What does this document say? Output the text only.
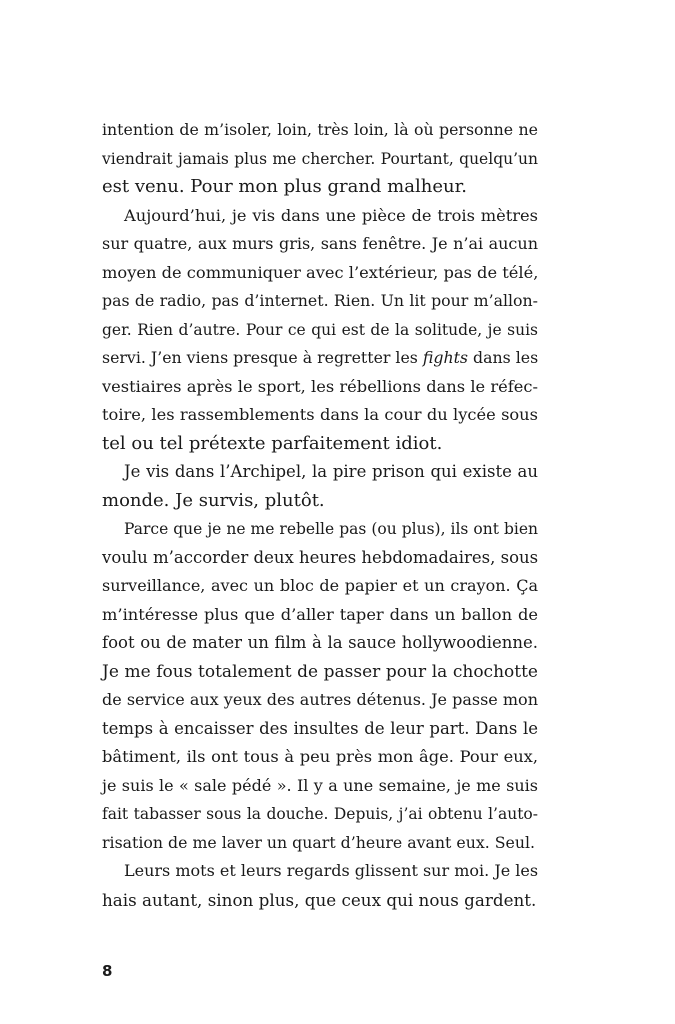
intention de m’isoler, loin, très loin, là où personne ne
viendrait jamais plus me chercher. Pourtant, quelqu’un
est venu. Pour mon plus grand malheur.
Aujourd’hui, je vis dans une pièce de trois mètres
sur quatre, aux murs gris, sans fenêtre. Je n’ai aucun
moyen de communiquer avec l’extérieur, pas de télé,
pas de radio, pas d’internet. Rien. Un lit pour m’allon-
ger. Rien d’autre. Pour ce qui est de la solitude, je suis
servi. J’en viens presque à regretter les fights dans les
vestiaires après le sport, les rébellions dans le réfec-
toire, les rassemblements dans la cour du lycée sous
tel ou tel prétexte parfaitement idiot.
Je vis dans l’Archipel, la pire prison qui existe au
monde. Je survis, plutôt.
Parce que je ne me rebelle pas (ou plus), ils ont bien
voulu m’accorder deux heures hebdomadaires, sous
surveillance, avec un bloc de papier et un crayon. Ça
m’intéresse plus que d’aller taper dans un ballon de
foot ou de mater un film à la sauce hollywoodienne.
Je me fous totalement de passer pour la chochotte
de service aux yeux des autres détenus. Je passe mon
temps à encaisser des insultes de leur part. Dans le
bâtiment, ils ont tous à peu près mon âge. Pour eux,
je suis le « sale pédé ». Il y a une semaine, je me suis
fait tabasser sous la douche. Depuis, j’ai obtenu l’auto-
risation de me laver un quart d’heure avant eux. Seul.
Leurs mots et leurs regards glissent sur moi. Je les
hais autant, sinon plus, que ceux qui nous gardent.
8
